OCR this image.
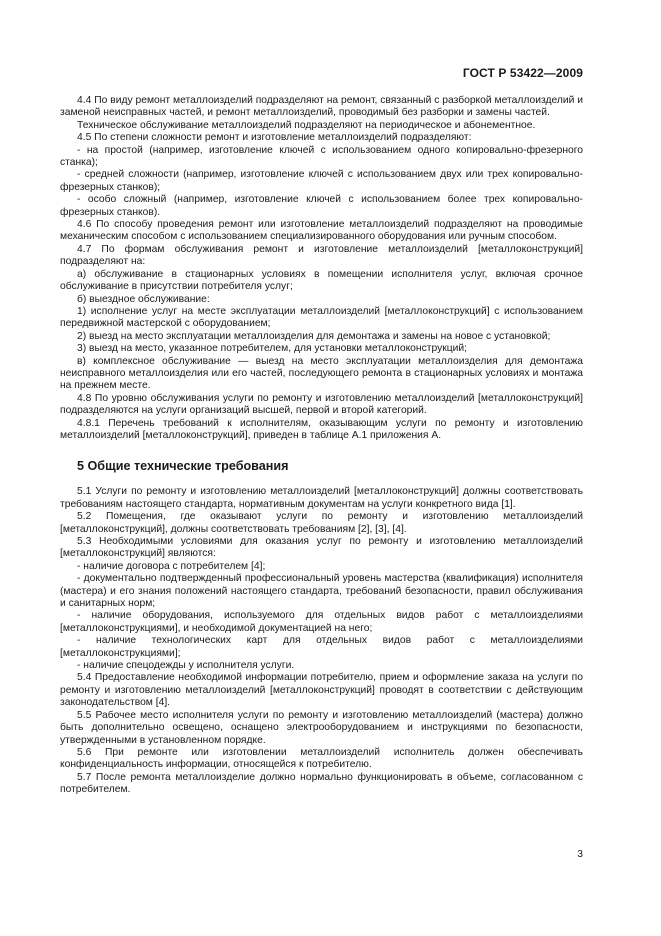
ГОСТ Р 53422—2009

4.4 По виду ремонт металлоизделий подразделяют на ремонт, связанный с разборкой металлоизделий и заменой неисправных частей, и ремонт металлоизделий, проводимый без разборки и замены частей.

Техническое обслуживание металлоизделий подразделяют на периодическое и абонементное.

4.5 По степени сложности ремонт и изготовление металлоизделий подразделяют:

- на простой (например, изготовление ключей с использованием одного копировально-фрезерного станка);

- средней сложности (например, изготовление ключей с использованием двух или трех копировально-фрезерных станков);

- особо сложный (например, изготовление ключей с использованием более трех копировально-фрезерных станков).

4.6 По способу проведения ремонт или изготовление металлоизделий подразделяют на проводимые механическим способом с использованием специализированного оборудования или ручным способом.

4.7 По формам обслуживания ремонт и изготовление металлоизделий [металлоконструкций] подразделяют на:

а) обслуживание в стационарных условиях в помещении исполнителя услуг, включая срочное обслуживание в присутствии потребителя услуг;

б) выездное обслуживание:

1) исполнение услуг на месте эксплуатации металлоизделий [металлоконструкций] с использованием передвижной мастерской с оборудованием;

2) выезд на место эксплуатации металлоизделия для демонтажа и замены на новое с установкой;

3) выезд на место, указанное потребителем, для установки металлоконструкций;

в) комплексное обслуживание — выезд на место эксплуатации металлоизделия для демонтажа неисправного металлоизделия или его частей, последующего ремонта в стационарных условиях и монтажа на прежнем месте.

4.8 По уровню обслуживания услуги по ремонту и изготовлению металлоизделий [металлоконструкций] подразделяются на услуги организаций высшей, первой и второй категорий.

4.8.1 Перечень требований к исполнителям, оказывающим услуги по ремонту и изготовлению металлоизделий [металлоконструкций], приведен в таблице А.1 приложения А.

5 Общие технические требования

5.1 Услуги по ремонту и изготовлению металлоизделий [металлоконструкций] должны соответствовать требованиям настоящего стандарта, нормативным документам на услуги конкретного вида [1].

5.2 Помещения, где оказывают услуги по ремонту и изготовлению металлоизделий [металлоконструкций], должны соответствовать требованиям [2], [3], [4].

5.3 Необходимыми условиями для оказания услуг по ремонту и изготовлению металлоизделий [металлоконструкций] являются:

- наличие договора с потребителем [4];

- документально подтвержденный профессиональный уровень мастерства (квалификация) исполнителя (мастера) и его знания положений настоящего стандарта, требований безопасности, правил обслуживания и санитарных норм;

- наличие оборудования, используемого для отдельных видов работ с металлоизделиями [металлоконструкциями], и необходимой документацией на него;

- наличие технологических карт для отдельных видов работ с металлоизделиями [металлоконструкциями];

- наличие спецодежды у исполнителя услуги.

5.4 Предоставление необходимой информации потребителю, прием и оформление заказа на услуги по ремонту и изготовлению металлоизделий [металлоконструкций] проводят в соответствии с действующим законодательством [4].

5.5 Рабочее место исполнителя услуги по ремонту и изготовлению металлоизделий (мастера) должно быть дополнительно освещено, оснащено электрооборудованием и инструкциями по безопасности, утвержденными в установленном порядке.

5.6 При ремонте или изготовлении металлоизделий исполнитель должен обеспечивать конфиденциальность информации, относящейся к потребителю.

5.7 После ремонта металлоизделие должно нормально функционировать в объеме, согласованном с потребителем.

3
